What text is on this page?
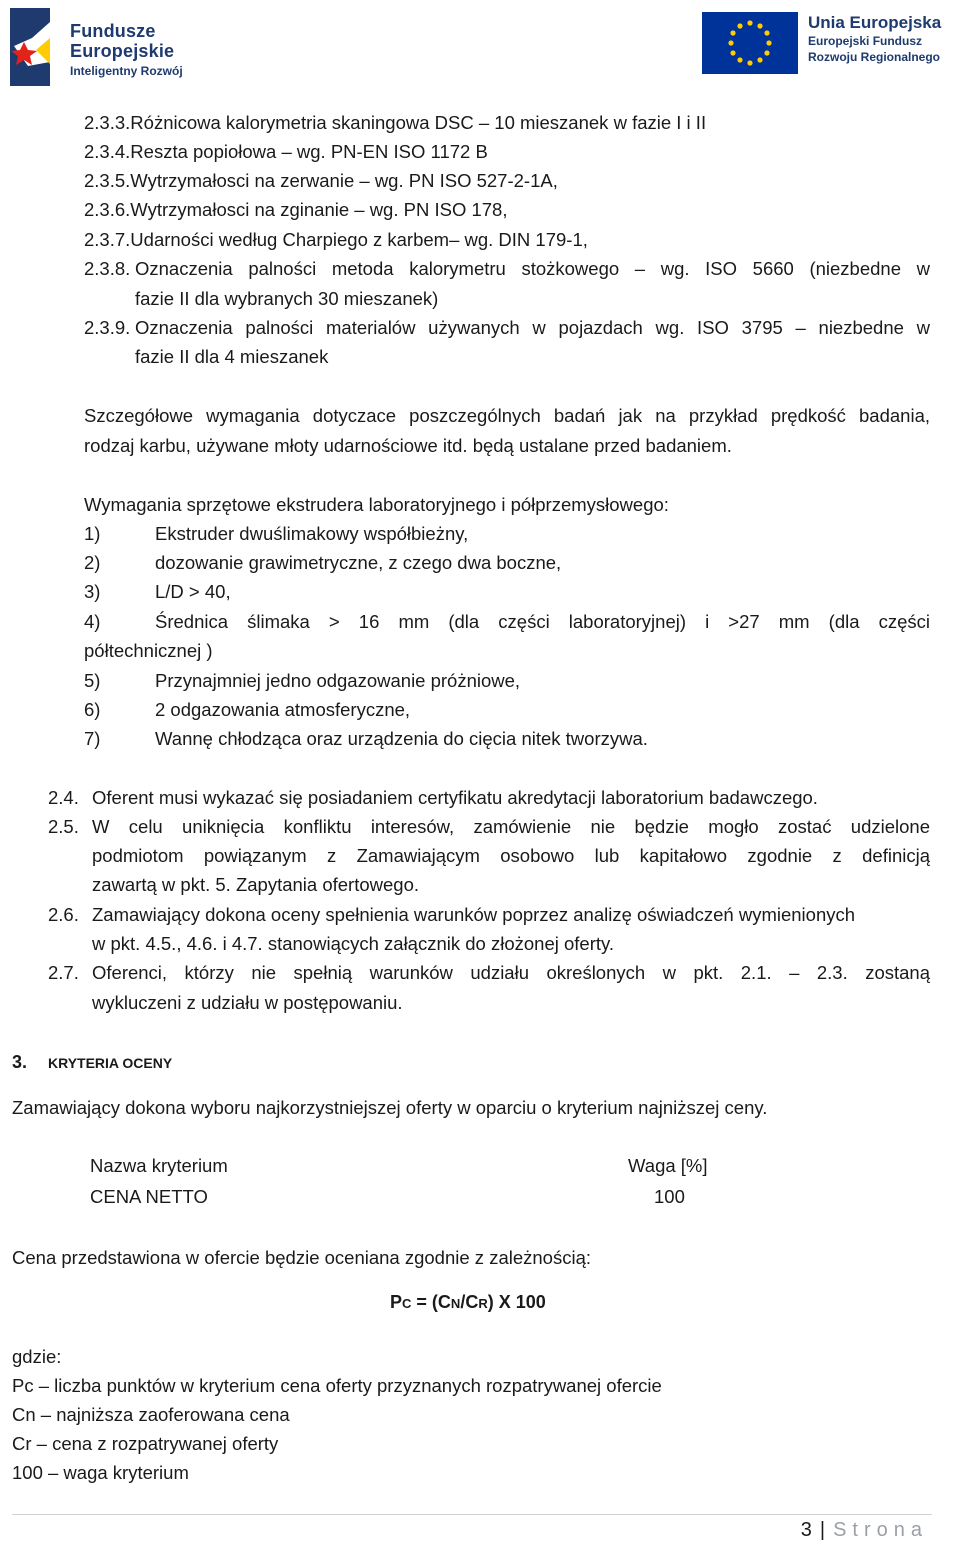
Fundusze
Europejskie
Inteligentny Rozwój
Unia Europejska
Europejski Fundusz
Rozwoju Regionalnego
2.3.3.Różnicowa kalorymetria skaningowa DSC – 10 mieszanek w fazie I i II
2.3.4.Reszta popiołowa – wg. PN-EN ISO 1172 B
2.3.5.Wytrzymałosci na zerwanie – wg. PN ISO 527-2-1A,
2.3.6.Wytrzymałosci na zginanie – wg. PN ISO 178,
2.3.7.Udarności według Charpiego z karbem– wg. DIN 179-1,
2.3.8. Oznaczenia palności metoda kalorymetru stożkowego – wg. ISO 5660 (niezbedne w
fazie II dla wybranych 30 mieszanek)
2.3.9. Oznaczenia palności materialów używanych w pojazdach wg. ISO 3795 – niezbedne w
fazie II dla 4 mieszanek
Szczegółowe wymagania dotyczace poszczególnych badań jak na przykład prędkość badania,
rodzaj karbu, używane młoty udarnościowe itd. będą ustalane przed badaniem.
Wymagania sprzętowe ekstrudera laboratoryjnego i półprzemysłowego:
1)	Ekstruder dwuślimakowy współbieżny,
2)	dozowanie grawimetryczne, z czego dwa boczne,
3)	L/D > 40,
4)	Średnica ślimaka > 16 mm (dla części laboratoryjnej) i >27 mm (dla części
półtechnicznej )
5)	Przynajmniej jedno odgazowanie próżniowe,
6)	2 odgazowania atmosferyczne,
7)	Wannę chłodząca oraz urządzenia do cięcia nitek tworzywa.
2.4. Oferent musi wykazać się posiadaniem certyfikatu akredytacji laboratorium badawczego.
2.5. W celu uniknięcia konfliktu interesów, zamówienie nie będzie mogło zostać udzielone
podmiotom powiązanym z Zamawiającym osobowo lub kapitałowo zgodnie z definicją
zawartą w pkt. 5. Zapytania ofertowego.
2.6. Zamawiający dokona oceny spełnienia warunków poprzez analizę oświadczeń wymienionych
w pkt. 4.5., 4.6. i 4.7. stanowiących załącznik do złożonej oferty.
2.7. Oferenci, którzy nie spełnią warunków udziału określonych w pkt. 2.1. – 2.3. zostaną
wykluczeni z udziału w postępowaniu.
3. KRYTERIA OCENY
Zamawiający dokona wyboru najkorzystniejszej oferty w oparciu o kryterium najniższej ceny.
Nazwa kryterium	Waga [%]
CENA NETTO	100
Cena przedstawiona w ofercie będzie oceniana zgodnie z zależnością:
PC = (CN/CR) X 100
gdzie:
Pc – liczba punktów w kryterium cena oferty przyznanych rozpatrywanej ofercie
Cn – najniższa zaoferowana cena
Cr – cena z rozpatrywanej oferty
100 – waga kryterium
3 | Strona
